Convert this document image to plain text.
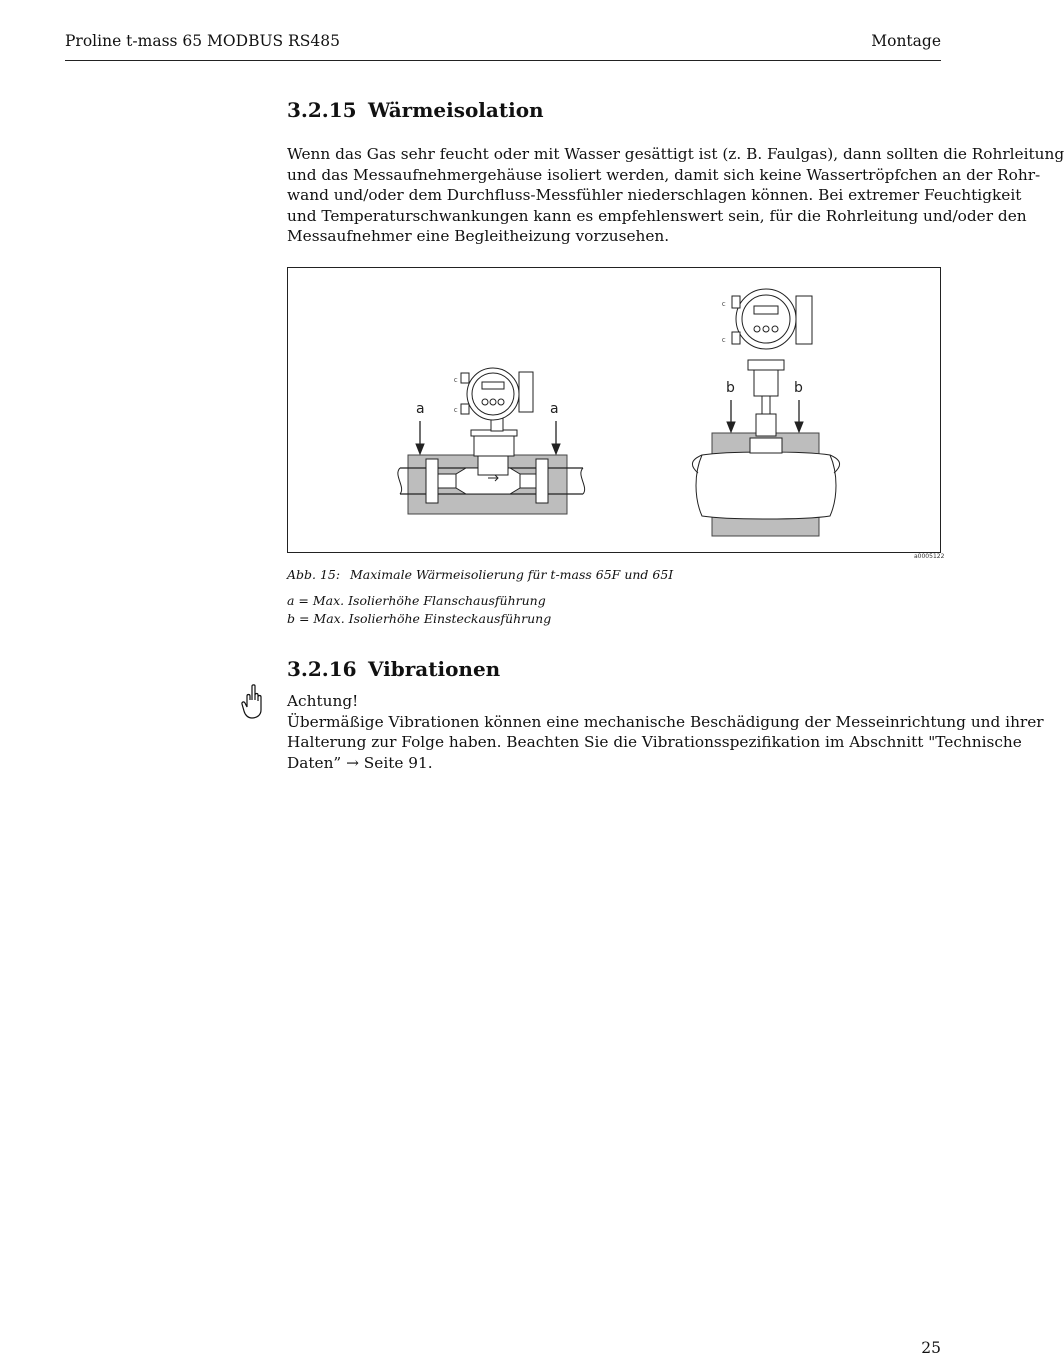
Proline t-mass 65 MODBUS RS485	Montage
3.2.15 Wärmeisolation
Wenn das Gas sehr feucht oder mit Wasser gesättigt ist (z. B. Faulgas), dann sollten die Rohrleitung
und das Messaufnehmergehäuse isoliert werden, damit sich keine Wassertröpfchen an der Rohr-
wand und/oder dem Durchfluss-Messfühler niederschlagen können. Bei extremer Feuchtigkeit
und Temperaturschwankungen kann es empfehlenswert sein, für die Rohrleitung und/oder den
Messaufnehmer eine Begleitheizung vorzusehen.
C
C
a	a
C
C
b	b
a0005122
Abb. 15: Maximale Wärmeisolierung für t-mass 65F und 65I
a = Max. Isolierhöhe Flanschausführung
b = Max. Isolierhöhe Einsteckausführung
3.2.16 Vibrationen
Achtung!
Übermäßige Vibrationen können eine mechanische Beschädigung der Messeinrichtung und ihrer
Halterung zur Folge haben. Beachten Sie die Vibrationsspezifikation im Abschnitt "Technische
Daten” → Seite 91.
25
